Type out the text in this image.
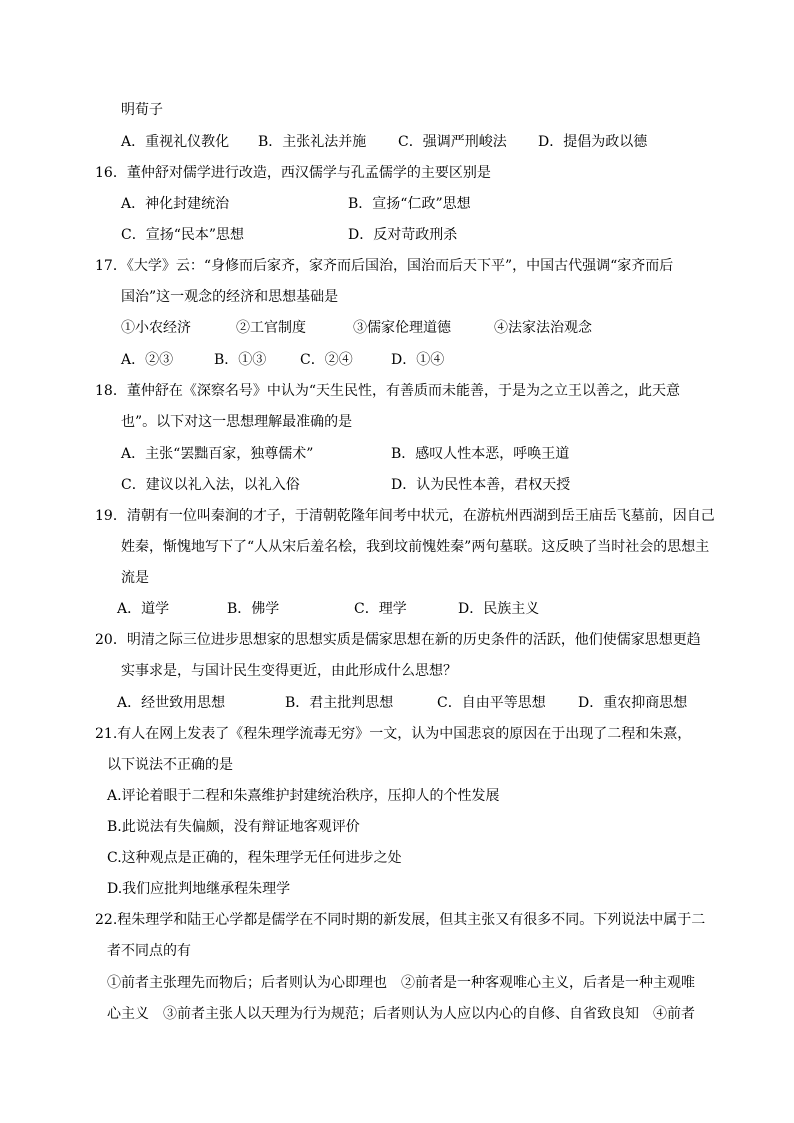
明荀子
A．重视礼仪教化 B．主张礼法并施 C．强调严刑峻法 D．提倡为政以德
16．董仲舒对儒学进行改造，西汉儒学与孔孟儒学的主要区别是
A．神化封建统治	B．宣扬“仁政”思想
C．宣扬“民本”思想	D．反对苛政刑杀
17．《大学》云：“身修而后家齐，家齐而后国治，国治而后天下平”，中国古代强调“家齐而后
国治”这一观念的经济和思想基础是
①小农经济	②工官制度	③儒家伦理道德	④法家法治观念
A．②③	B．①③ C．②④	D．①④
18．董仲舒在《深察名号》中认为“天生民性，有善质而未能善，于是为之立王以善之，此天意
也”。以下对这一思想理解最准确的是
A．主张“罢黜百家，独尊儒术”	B．感叹人性本恶，呼唤王道
C．建议以礼入法，以礼入俗	D．认为民性本善，君权天授
19．清朝有一位叫秦涧的才子，于清朝乾隆年间考中状元，在游杭州西湖到岳王庙岳飞墓前，因自己
姓秦，惭愧地写下了“人从宋后羞名桧，我到坟前愧姓秦”两句墓联。这反映了当时社会的思想主
流是
A．道学	B．佛学	C．理学	D．民族主义
20．明清之际三位进步思想家的思想实质是儒家思想在新的历史条件的活跃，他们使儒家思想更趋
实事求是，与国计民生变得更近，由此形成什么思想？
A．经世致用思想	B．君主批判思想	C．自由平等思想 D．重农抑商思想
21.有人在网上发表了《程朱理学流毒无穷》一文，认为中国悲哀的原因在于出现了二程和朱熹，
以下说法不正确的是
A.评论着眼于二程和朱熹维护封建统治秩序，压抑人的个性发展
B.此说法有失偏颇，没有辩证地客观评价
C.这种观点是正确的，程朱理学无任何进步之处
D.我们应批判地继承程朱理学
22.程朱理学和陆王心学都是儒学在不同时期的新发展，但其主张又有很多不同。下列说法中属于二
者不同点的有
①前者主张理先而物后；后者则认为心即理也　②前者是一种客观唯心主义，后者是一种主观唯
心主义　③前者主张人以天理为行为规范；后者则认为人应以内心的自修、自省致良知　④前者
